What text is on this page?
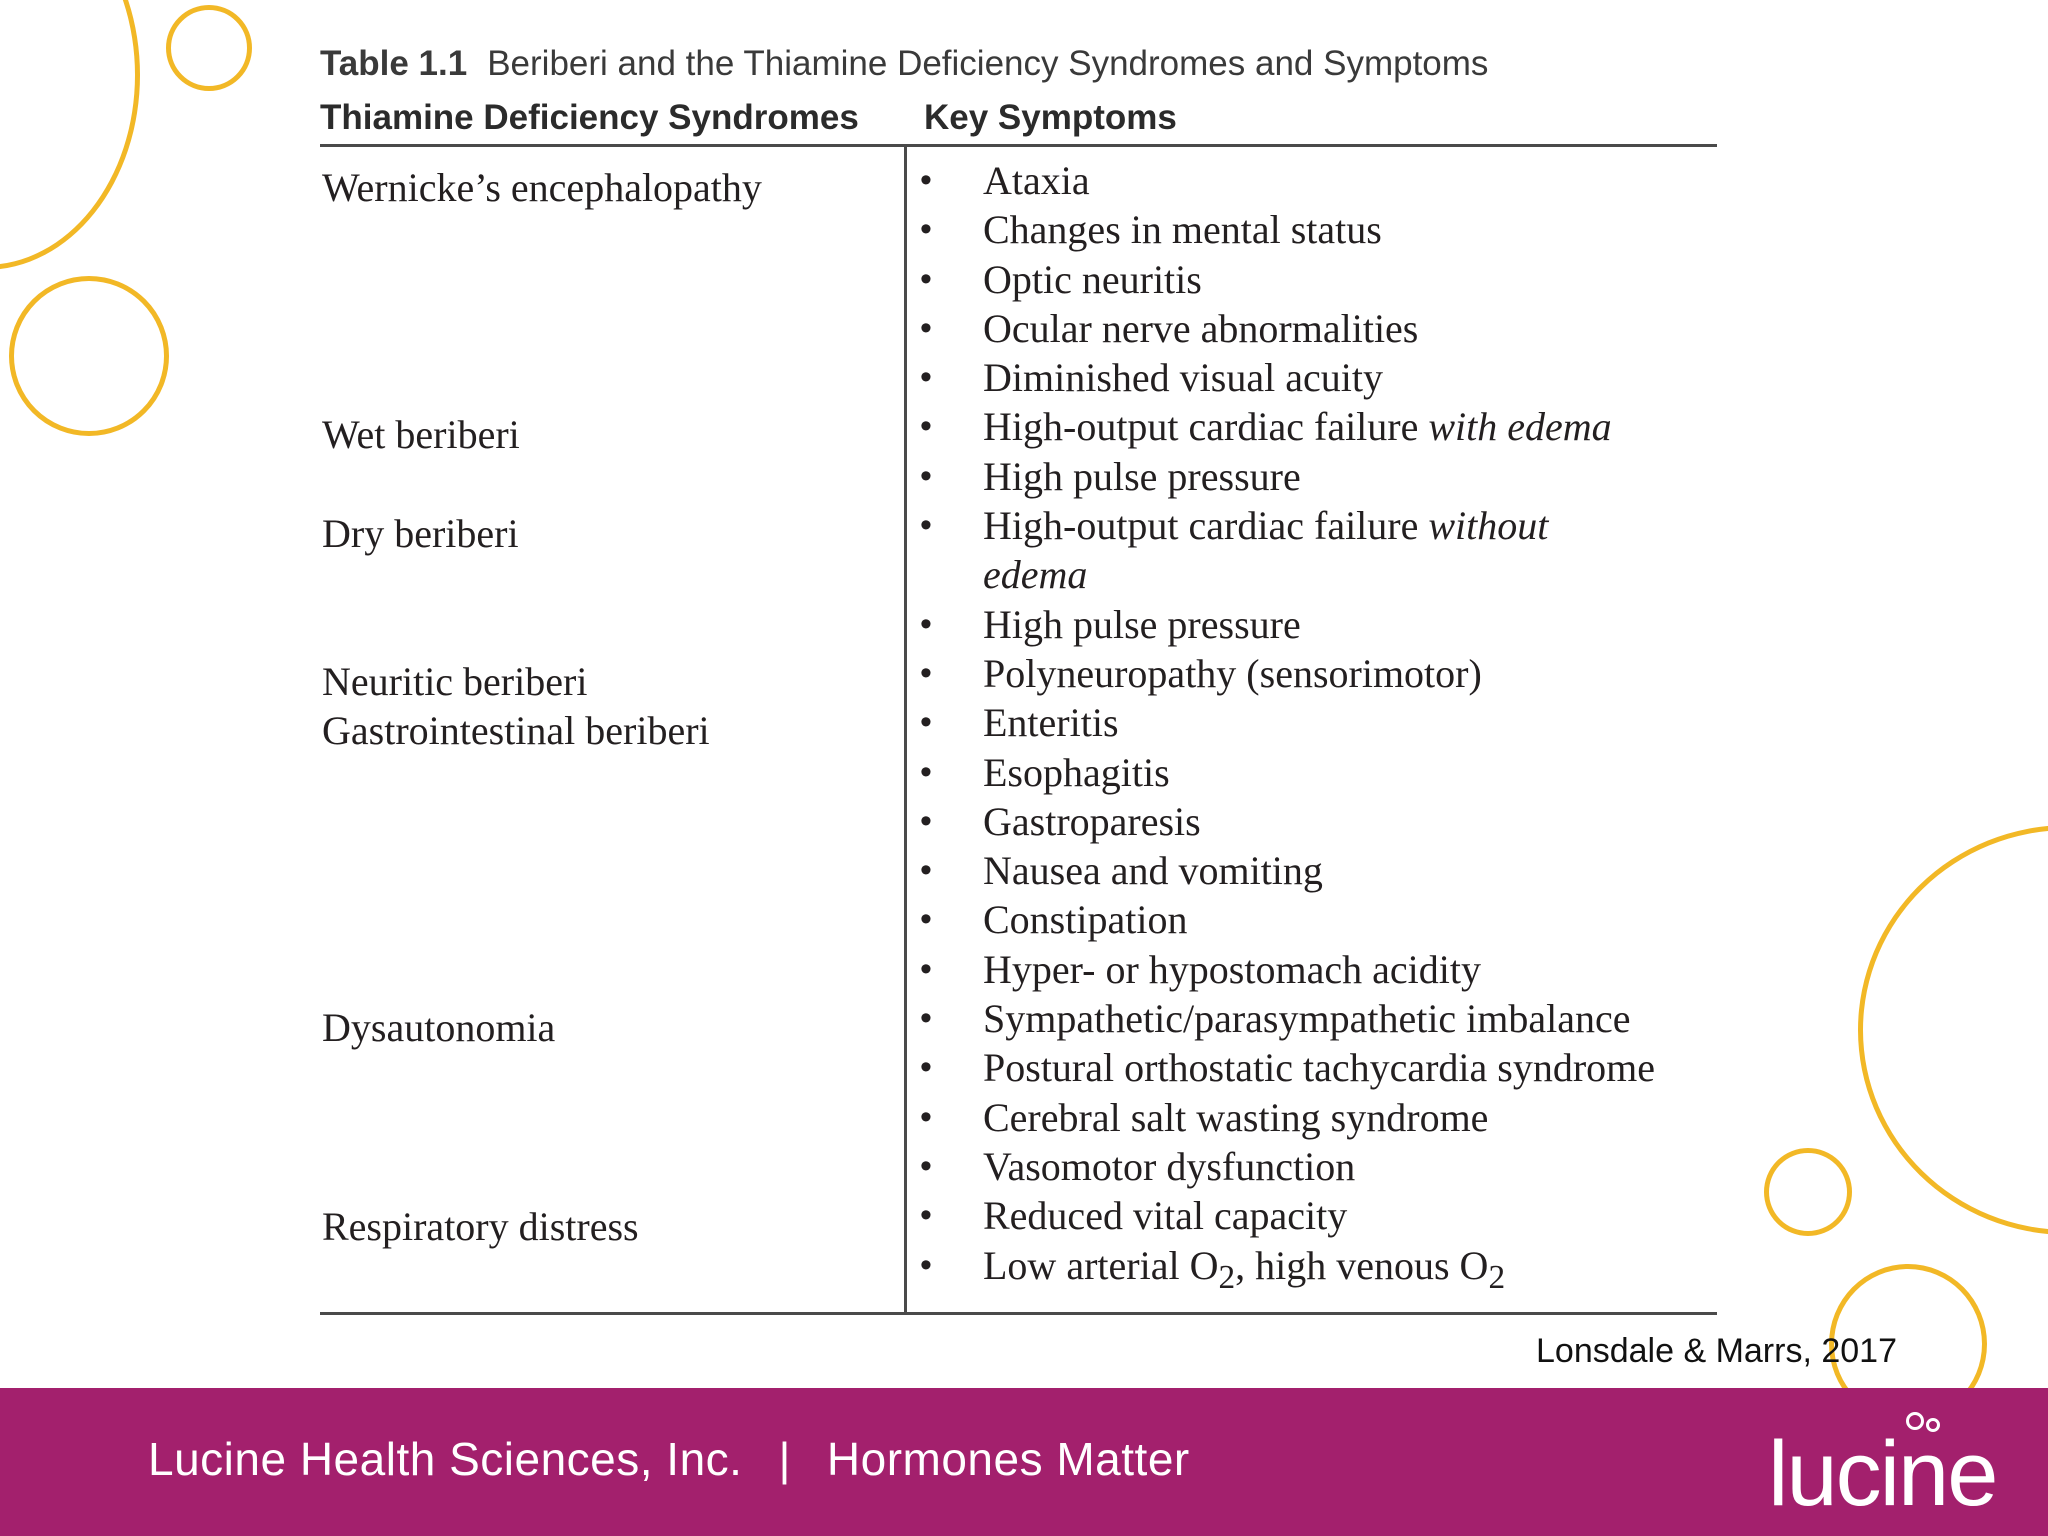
Table 1.1 Beriberi and the Thiamine Deficiency Syndromes and Symptoms
Thiamine Deficiency Syndromes Key Symptoms
Wernicke’s encephalopathy
Wet beriberi
Dry beriberi
Neuritic beriberi
Gastrointestinal beriberi
Dysautonomia
Respiratory distress
• Ataxia
• Changes in mental status
• Optic neuritis
• Ocular nerve abnormalities
• Diminished visual acuity
• High-output cardiac failure with edema
• High pulse pressure
• High-output cardiac failure without
edema
• High pulse pressure
• Polyneuropathy (sensorimotor)
• Enteritis
• Esophagitis
• Gastroparesis
• Nausea and vomiting
• Constipation
• Hyper- or hypostomach acidity
• Sympathetic/parasympathetic imbalance
• Postural orthostatic tachycardia syndrome
• Cerebral salt wasting syndrome
• Vasomotor dysfunction
• Reduced vital capacity
• Low arterial $O_2$, high venous $O_2$
Lonsdale & Marrs, 2017
Lucine Health Sciences, Inc. | Hormones Matter	lucine
